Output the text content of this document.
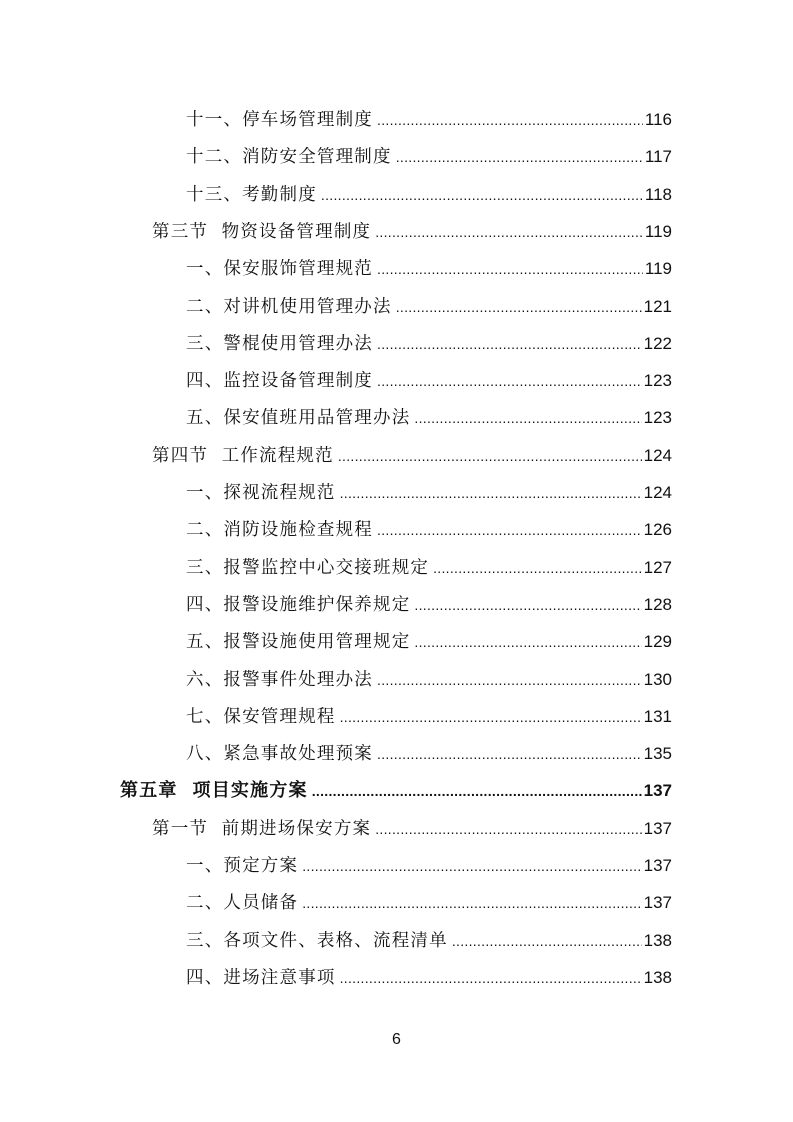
十一、停车场管理制度 .....	116
十二、消防安全管理制度 .....	117
十三、考勤制度 .....	118
第三节  物资设备管理制度 .....	119
一、保安服饰管理规范 .....	119
二、对讲机使用管理办法 .....	121
三、警棍使用管理办法 .....	122
四、监控设备管理制度 .....	123
五、保安值班用品管理办法 .....	123
第四节  工作流程规范 .....	124
一、探视流程规范 .....	124
二、消防设施检查规程 .....	126
三、报警监控中心交接班规定 .....	127
四、报警设施维护保养规定 .....	128
五、报警设施使用管理规定 .....	129
六、报警事件处理办法 .....	130
七、保安管理规程 .....	131
八、紧急事故处理预案 .....	135
第五章  项目实施方案 .....	137
第一节  前期进场保安方案 .....	137
一、预定方案 .....	137
二、人员储备 .....	137
三、各项文件、表格、流程清单 .....	138
四、进场注意事项 .....	138
6
